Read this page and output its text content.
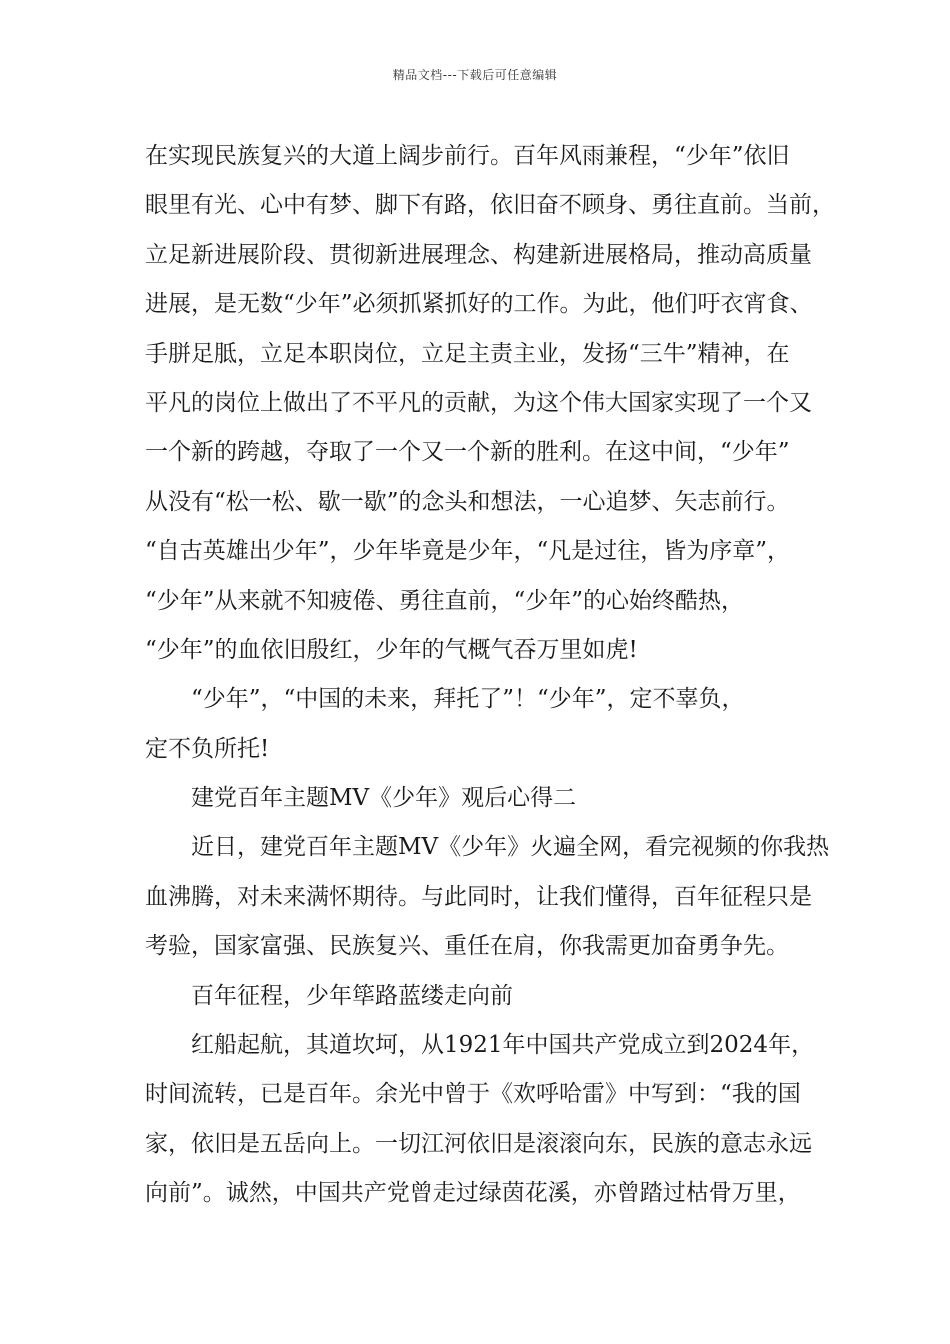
精品文档---下载后可任意编辑
在实现民族复兴的大道上阔步前行。百年风雨兼程，“少年”依旧
眼里有光、心中有梦、脚下有路，依旧奋不顾身、勇往直前。当前，
立足新进展阶段、贯彻新进展理念、构建新进展格局，推动高质量
进展，是无数“少年”必须抓紧抓好的工作。为此，他们吁衣宵食、
手胼足胝，立足本职岗位，立足主责主业，发扬“三牛”精神，在
平凡的岗位上做出了不平凡的贡献，为这个伟大国家实现了一个又
一个新的跨越，夺取了一个又一个新的胜利。在这中间，“少年”
从没有“松一松、歇一歇”的念头和想法，一心追梦、矢志前行。
“自古英雄出少年”，少年毕竟是少年，“凡是过往，皆为序章”，
“少年”从来就不知疲倦、勇往直前，“少年”的心始终酷热，
“少年”的血依旧殷红，少年的气概气吞万里如虎!
“少年”，“中国的未来，拜托了”！“少年”，定不辜负，
定不负所托!
建党百年主题MV《少年》观后心得二
近日，建党百年主题MV《少年》火遍全网，看完视频的你我热
血沸腾，对未来满怀期待。与此同时，让我们懂得，百年征程只是
考验，国家富强、民族复兴、重任在肩，你我需更加奋勇争先。
百年征程，少年筚路蓝缕走向前
红船起航，其道坎坷，从1921年中国共产党成立到2024年，
时间流转，已是百年。余光中曾于《欢呼哈雷》中写到：“我的国
家，依旧是五岳向上。一切江河依旧是滚滚向东，民族的意志永远
向前”。诚然，中国共产党曾走过绿茵花溪，亦曾踏过枯骨万里，
